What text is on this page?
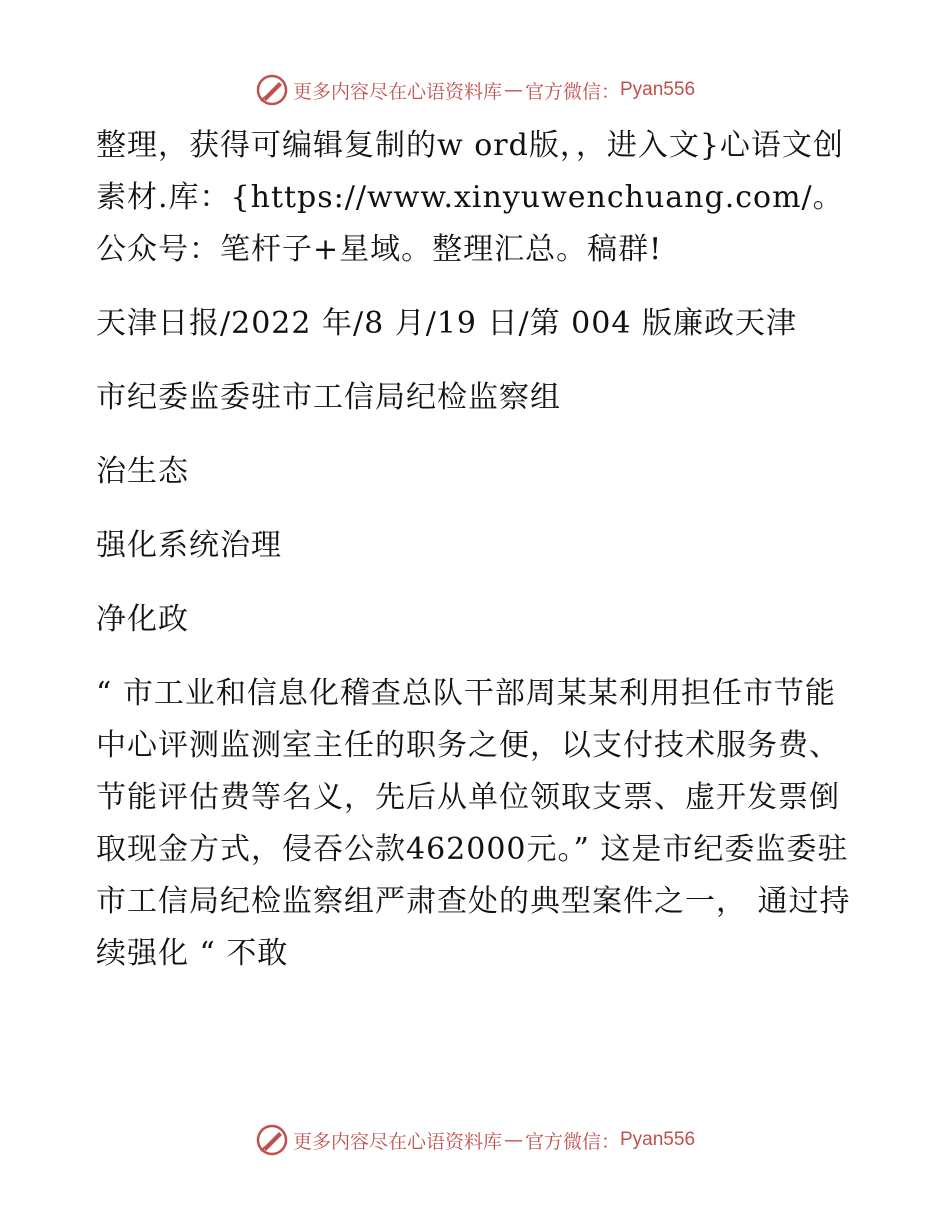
更多内容尽在心语资料库 — 官方微信： Pyan556

整理，获得可编辑复制的w ord版，，进入文}心语文创素材.库：{https://www.xinyuwenchuang.com/。公众号：笔杆子+星域。整理汇总。稿群!

天津日报/2022 年/8 月/19 日/第 004 版廉政天津

市纪委监委驻市工信局纪检监察组

治生态

强化系统治理

净化政

“ 市工业和信息化稽查总队干部周某某利用担任市节能中心评测监测室主任的职务之便，以支付技术服务费、节能评估费等名义，先后从单位领取支票、虚开发票倒取现金方式，侵吞公款462000元。” 这是市纪委监委驻市工信局纪检监察组严肃查处的典型案件之一， 通过持续强化 “ 不敢

更多内容尽在心语资料库 — 官方微信： Pyan556
